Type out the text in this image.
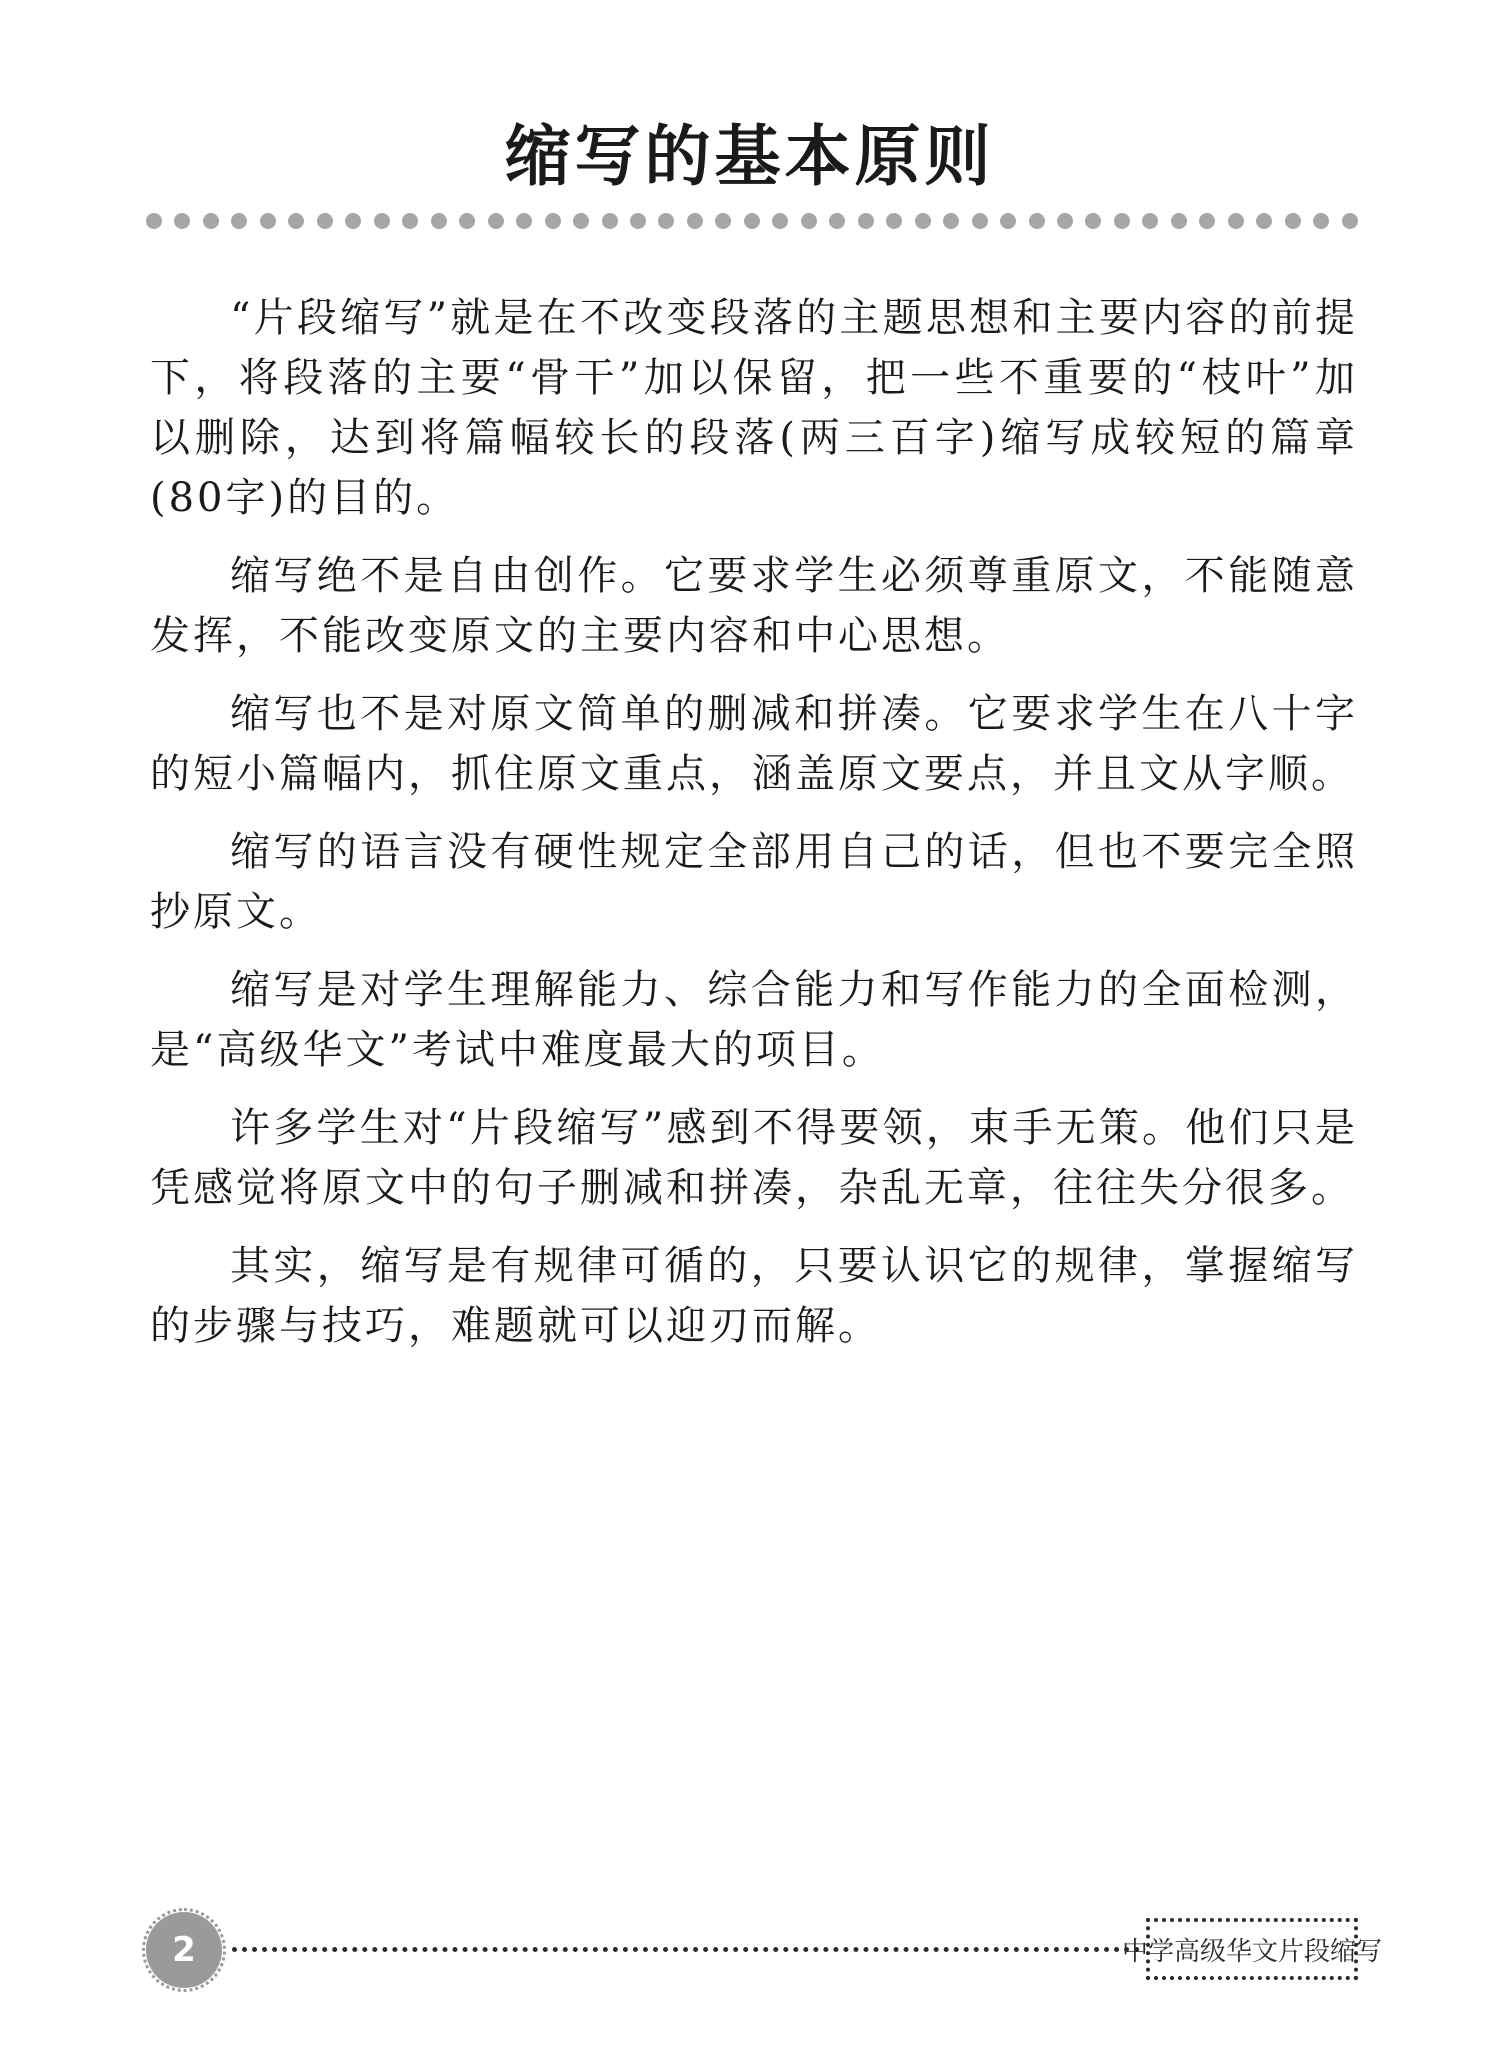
缩写的基本原则

“片段缩写”就是在不改变段落的主题思想和主要内容的前提下，将段落的主要“骨干”加以保留，把一些不重要的“枝叶”加以删除，达到将篇幅较长的段落(两三百字)缩写成较短的篇章(80字)的目的。

缩写绝不是自由创作。它要求学生必须尊重原文，不能随意发挥，不能改变原文的主要内容和中心思想。

缩写也不是对原文简单的删减和拼凑。它要求学生在八十字的短小篇幅内，抓住原文重点，涵盖原文要点，并且文从字顺。

缩写的语言没有硬性规定全部用自己的话，但也不要完全照抄原文。

缩写是对学生理解能力、综合能力和写作能力的全面检测，是“高级华文”考试中难度最大的项目。

许多学生对“片段缩写”感到不得要领，束手无策。他们只是凭感觉将原文中的句子删减和拼凑，杂乱无章，往往失分很多。

其实，缩写是有规律可循的，只要认识它的规律，掌握缩写的步骤与技巧，难题就可以迎刃而解。

2	中学高级华文片段缩写
